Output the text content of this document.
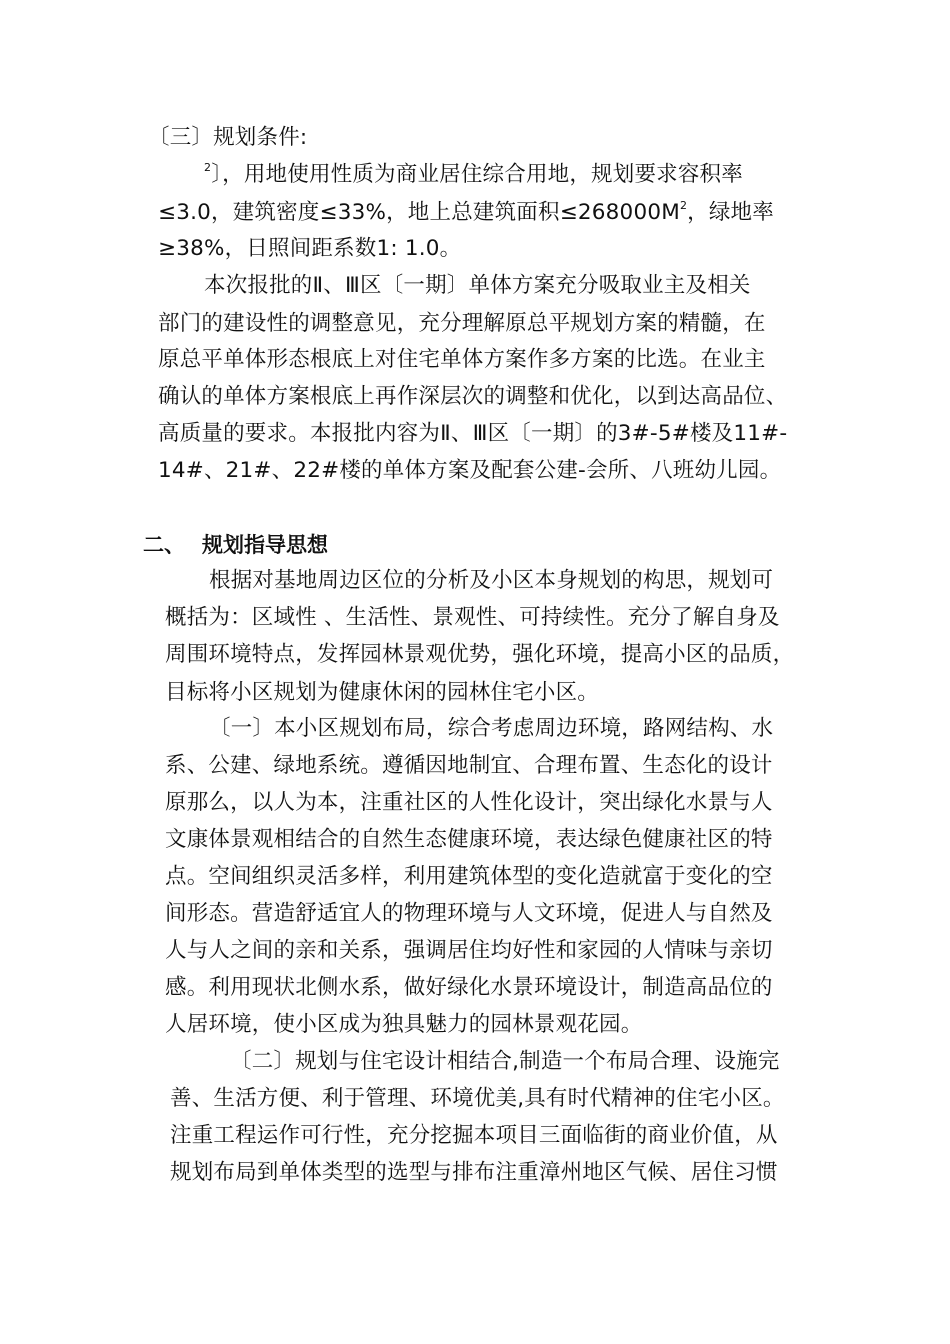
〔三〕规划条件:
$^2$〕，用地使用性质为商业居住综合用地，规划要求容积率
≤3.0，建筑密度≤33%，地上总建筑面积$\le 268000M^2$，绿地率
≥38%，日照间距系数1: 1.0。
本次报批的Ⅱ、Ⅲ区〔一期〕单体方案充分吸取业主及相关
部门的建设性的调整意见，充分理解原总平规划方案的精髓，在
原总平单体形态根底上对住宅单体方案作多方案的比选。在业主
确认的单体方案根底上再作深层次的调整和优化，以到达高品位、
高质量的要求。本报批内容为Ⅱ、Ⅲ区〔一期〕的3#-5#楼及11#-
14#、21#、22#楼的单体方案及配套公建-会所、八班幼儿园。
二、 规划指导思想
根据对基地周边区位的分析及小区本身规划的构思，规划可
概括为：区域性 、生活性、景观性、可持续性。充分了解自身及
周围环境特点，发挥园林景观优势，强化环境，提高小区的品质，
目标将小区规划为健康休闲的园林住宅小区。
〔一〕本小区规划布局，综合考虑周边环境，路网结构、水
系、公建、绿地系统。遵循因地制宜、合理布置、生态化的设计
原那么，以人为本，注重社区的人性化设计，突出绿化水景与人
文康体景观相结合的自然生态健康环境，表达绿色健康社区的特
点。空间组织灵活多样，利用建筑体型的变化造就富于变化的空
间形态。营造舒适宜人的物理环境与人文环境，促进人与自然及
人与人之间的亲和关系，强调居住均好性和家园的人情味与亲切
感。利用现状北侧水系，做好绿化水景环境设计，制造高品位的
人居环境，使小区成为独具魅力的园林景观花园。
〔二〕规划与住宅设计相结合,制造一个布局合理、设施完
善、生活方便、利于管理、环境优美,具有时代精神的住宅小区。
注重工程运作可行性，充分挖掘本项目三面临街的商业价值，从
规划布局到单体类型的选型与排布注重漳州地区气候、居住习惯
